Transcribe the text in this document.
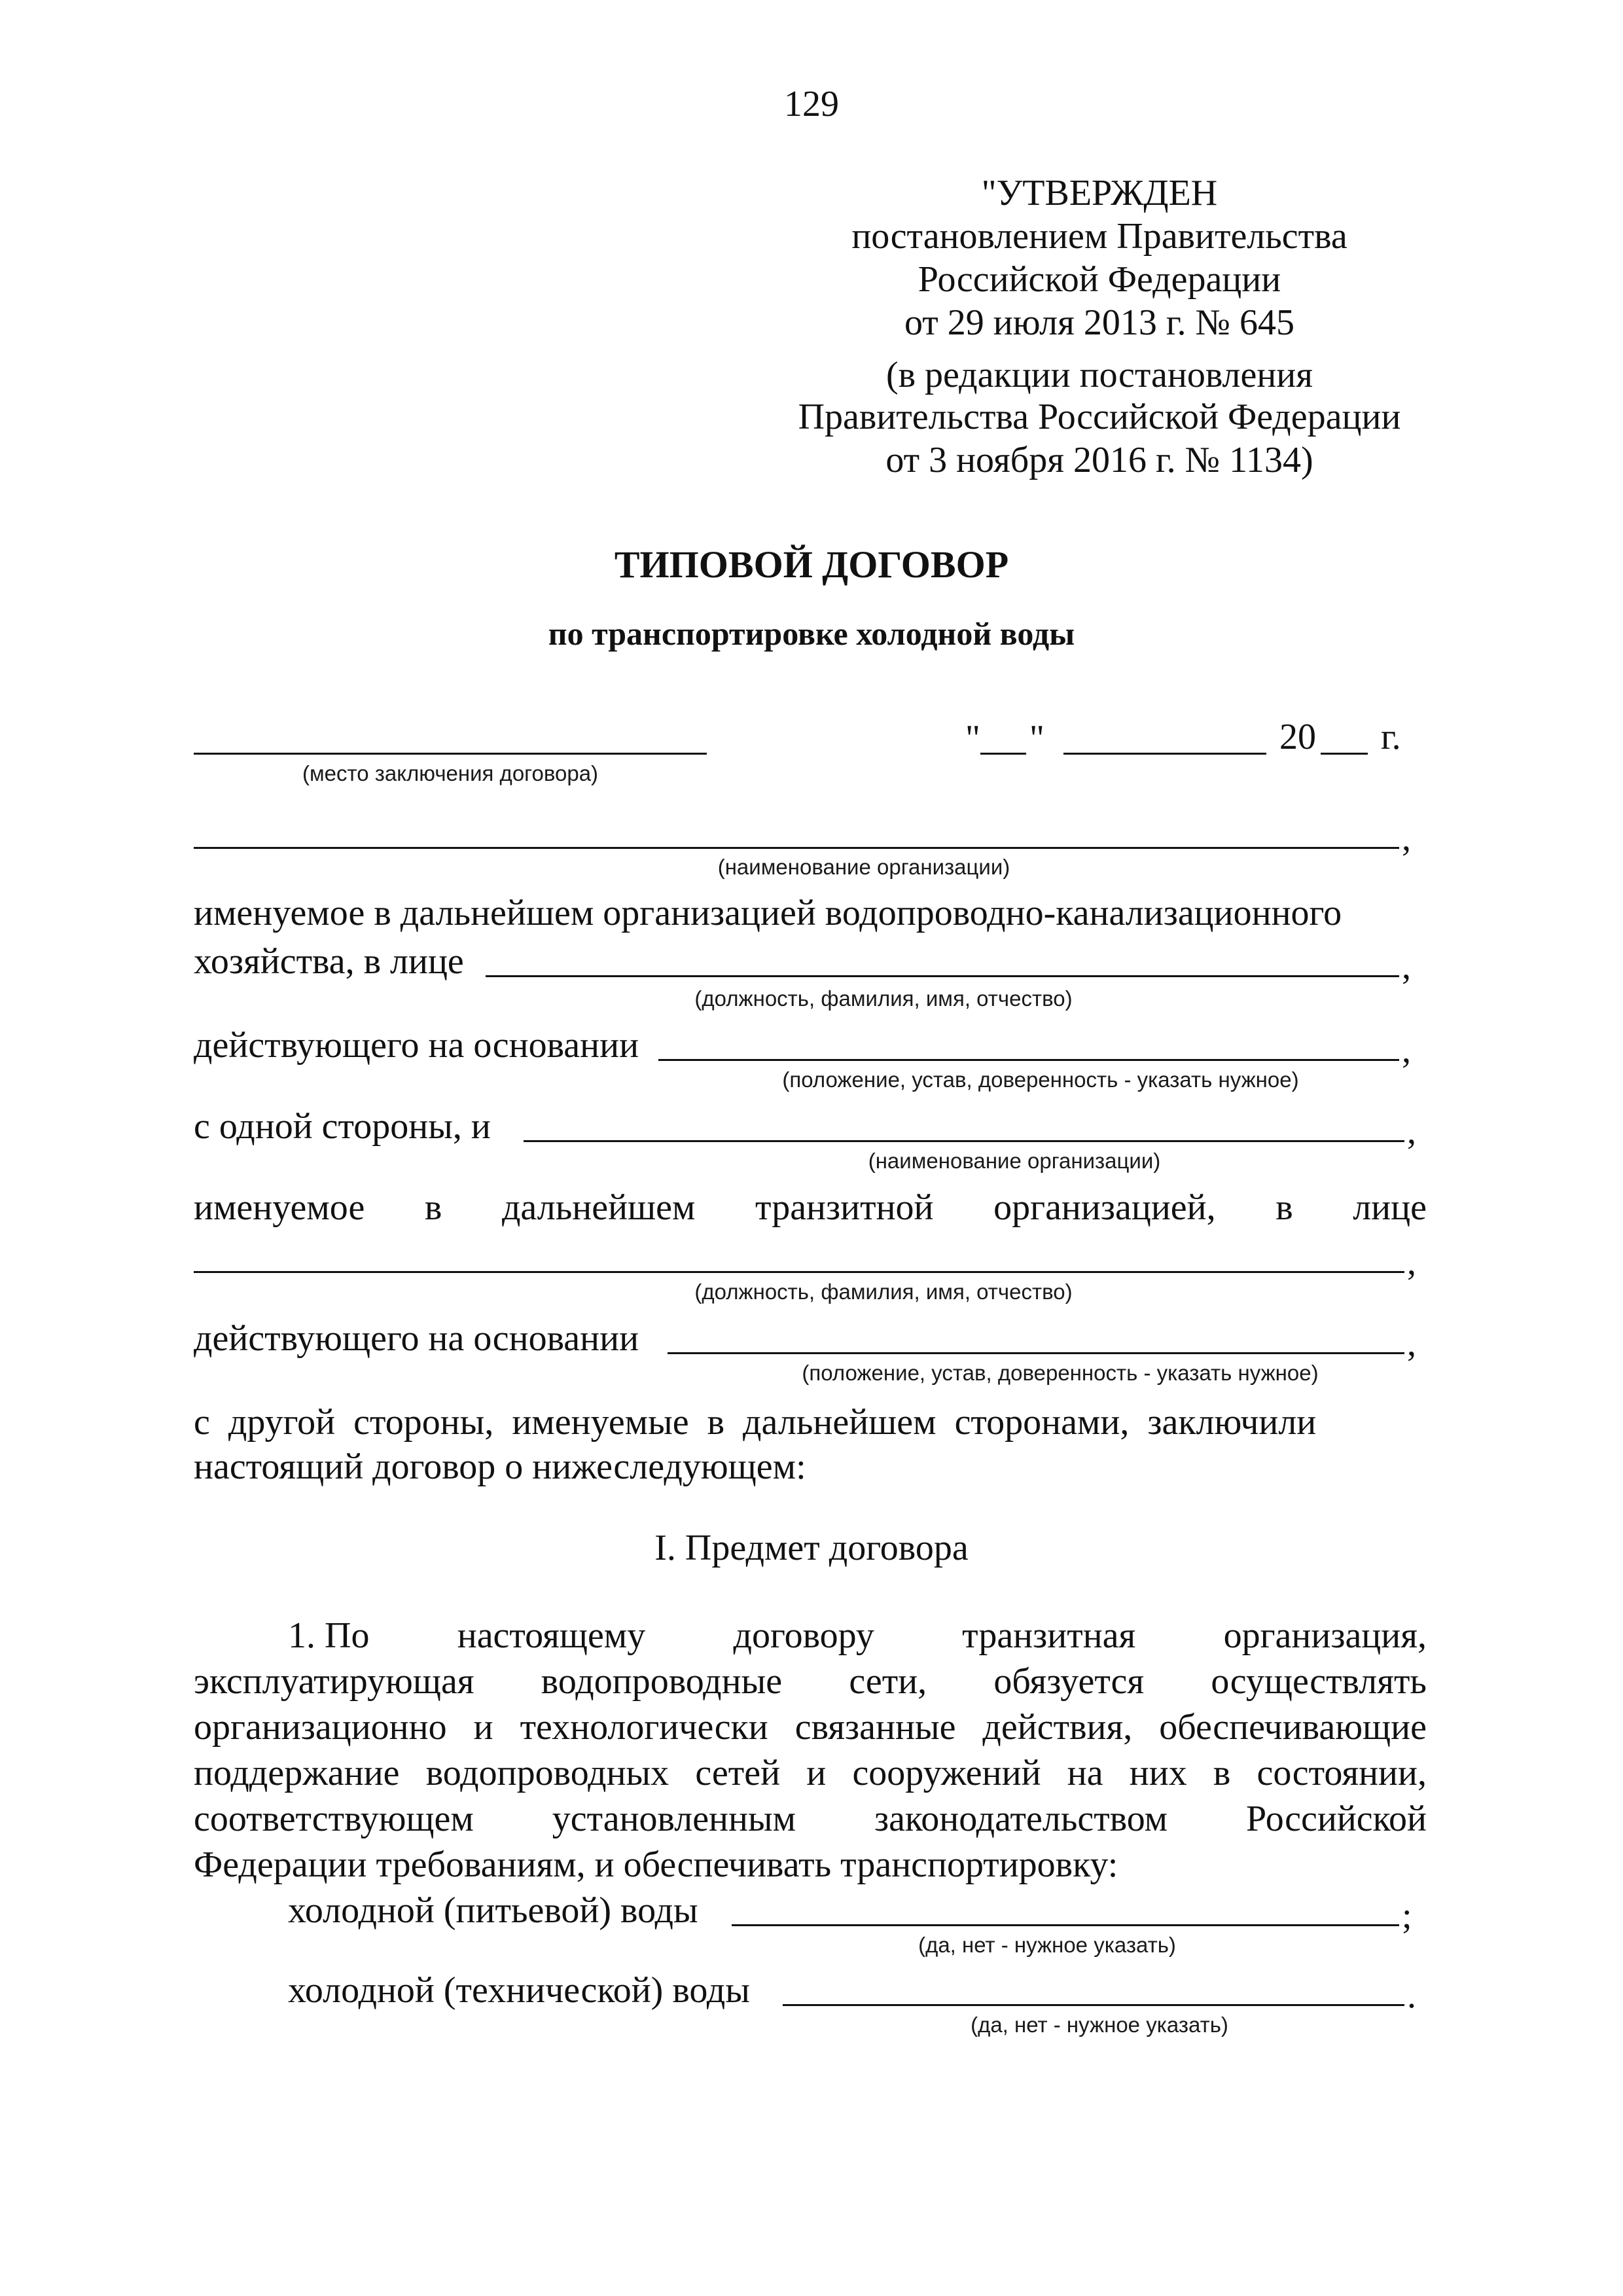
129
"УТВЕРЖДЕН
постановлением Правительства
Российской Федерации
от 29 июля 2013 г. № 645
(в редакции постановления
Правительства Российской Федерации
от 3 ноября 2016 г. № 1134)
ТИПОВОЙ ДОГОВОР
по транспортировке холодной воды
(место заключения договора)
" "	20 г.
,
(наименование организации)
именуемое в дальнейшем организацией водопроводно-канализационного
хозяйства, в лице	,
(должность, фамилия, имя, отчество)
действующего на основании	,
(положение, устав, доверенность - указать нужное)
с одной стороны, и	,
(наименование организации)
именуемое в дальнейшем транзитной организацией, в лице
,
(должность, фамилия, имя, отчество)
действующего на основании	,
(положение, устав, доверенность - указать нужное)
с  другой  стороны,  именуемые  в  дальнейшем  сторонами,  заключили
настоящий договор о нижеследующем:
I. Предмет договора
1. По настоящему договору транзитная организация,
эксплуатирующая водопроводные сети, обязуется осуществлять
организационно и технологически связанные действия, обеспечивающие
поддержание водопроводных сетей и сооружений на них в состоянии,
соответствующем установленным законодательством Российской
Федерации требованиям, и обеспечивать транспортировку:
холодной (питьевой) воды	;
(да, нет - нужное указать)
холодной (технической) воды	.
(да, нет - нужное указать)
